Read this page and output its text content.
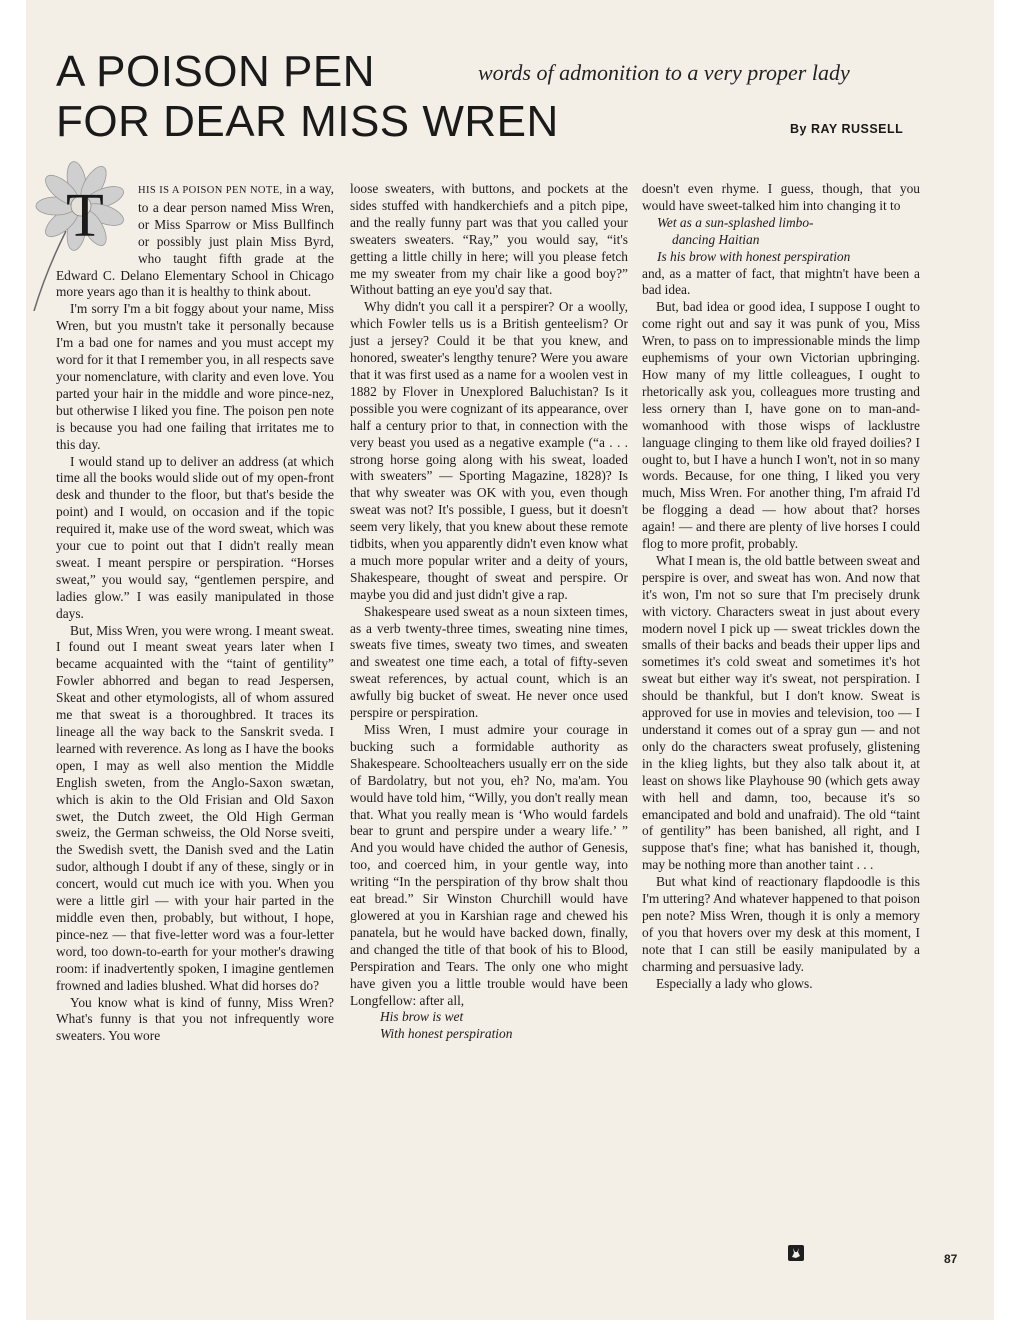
A POISON PEN
FOR DEAR MISS WREN
words of admonition to a very proper lady
By RAY RUSSELL
T	HIS IS A POISON PEN NOTE, in a way, to a dear person named Miss Wren, or Miss Sparrow or Miss Bullfinch or possibly just plain Miss Byrd, who taught fifth grade at the Edward C. Delano Elementary School in Chicago more years ago than it is healthy to think about.

I'm sorry I'm a bit foggy about your name, Miss Wren, but you mustn't take it personally because I'm a bad one for names and you must accept my word for it that I remember you, in all respects save your nomenclature, with clarity and even love. You parted your hair in the middle and wore pince-nez, but otherwise I liked you fine. The poison pen note is because you had one failing that irritates me to this day.

I would stand up to deliver an address (at which time all the books would slide out of my open-front desk and thunder to the floor, but that's beside the point) and I would, on occasion and if the topic required it, make use of the word sweat, which was your cue to point out that I didn't really mean sweat. I meant perspire or perspiration. “Horses sweat,” you would say, “gentlemen perspire, and ladies glow.” I was easily manipulated in those days.

But, Miss Wren, you were wrong. I meant sweat. I found out I meant sweat years later when I became acquainted with the “taint of gentility” Fowler abhorred and began to read Jespersen, Skeat and other etymologists, all of whom assured me that sweat is a thoroughbred. It traces its lineage all the way back to the Sanskrit sveda. I learned with reverence. As long as I have the books open, I may as well also mention the Middle English sweten, from the Anglo-Saxon swætan, which is akin to the Old Frisian and Old Saxon swet, the Dutch zweet, the Old High German sweiz, the German schweiss, the Old Norse sveiti, the Swedish svett, the Danish sved and the Latin sudor, although I doubt if any of these, singly or in concert, would cut much ice with you. When you were a little girl — with your hair parted in the middle even then, probably, but without, I hope, pince-nez — that five-letter word was a four-letter word, too down-to-earth for your mother's drawing room: if inadvertently spoken, I imagine gentlemen frowned and ladies blushed. What did horses do?

You know what is kind of funny, Miss Wren? What's funny is that you not infrequently wore sweaters. You wore

loose sweaters, with buttons, and pockets at the sides stuffed with handkerchiefs and a pitch pipe, and the really funny part was that you called your sweaters sweaters. “Ray,” you would say, “it's getting a little chilly in here; will you please fetch me my sweater from my chair like a good boy?” Without batting an eye you'd say that.

Why didn't you call it a perspirer? Or a woolly, which Fowler tells us is a British genteelism? Or just a jersey? Could it be that you knew, and honored, sweater's lengthy tenure? Were you aware that it was first used as a name for a woolen vest in 1882 by Flover in Unexplored Baluchistan? Is it possible you were cognizant of its appearance, over half a century prior to that, in connection with the very beast you used as a negative example (“a . . . strong horse going along with his sweat, loaded with sweaters” — Sporting Magazine, 1828)? Is that why sweater was OK with you, even though sweat was not? It's possible, I guess, but it doesn't seem very likely, that you knew about these remote tidbits, when you apparently didn't even know what a much more popular writer and a deity of yours, Shakespeare, thought of sweat and perspire. Or maybe you did and just didn't give a rap.

Shakespeare used sweat as a noun sixteen times, as a verb twenty-three times, sweating nine times, sweats five times, sweaty two times, and sweaten and sweatest one time each, a total of fifty-seven sweat references, by actual count, which is an awfully big bucket of sweat. He never once used perspire or perspiration.

Miss Wren, I must admire your courage in bucking such a formidable authority as Shakespeare. Schoolteachers usually err on the side of Bardolatry, but not you, eh? No, ma'am. You would have told him, “Willy, you don't really mean that. What you really mean is ‘Who would fardels bear to grunt and perspire under a weary life.’ ” And you would have chided the author of Genesis, too, and coerced him, in your gentle way, into writing “In the perspiration of thy brow shalt thou eat bread.” Sir Winston Churchill would have glowered at you in Karshian rage and chewed his panatela, but he would have backed down, finally, and changed the title of that book of his to Blood, Perspiration and Tears. The only one who might have given you a little trouble would have been Longfellow: after all,

His brow is wet

With honest perspiration

doesn't even rhyme. I guess, though, that you would have sweet-talked him into changing it to

Wet as a sun-splashed limbo-

dancing Haitian

Is his brow with honest perspiration

and, as a matter of fact, that mightn't have been a bad idea.

But, bad idea or good idea, I suppose I ought to come right out and say it was punk of you, Miss Wren, to pass on to impressionable minds the limp euphemisms of your own Victorian upbringing. How many of my little colleagues, I ought to rhetorically ask you, colleagues more trusting and less ornery than I, have gone on to man-and-womanhood with those wisps of lacklustre language clinging to them like old frayed doilies? I ought to, but I have a hunch I won't, not in so many words. Because, for one thing, I liked you very much, Miss Wren. For another thing, I'm afraid I'd be flogging a dead — how about that? horses again! — and there are plenty of live horses I could flog to more profit, probably.

What I mean is, the old battle between sweat and perspire is over, and sweat has won. And now that it's won, I'm not so sure that I'm precisely drunk with victory. Characters sweat in just about every modern novel I pick up — sweat trickles down the smalls of their backs and beads their upper lips and sometimes it's cold sweat and sometimes it's hot sweat but either way it's sweat, not perspiration. I should be thankful, but I don't know. Sweat is approved for use in movies and television, too — I understand it comes out of a spray gun — and not only do the characters sweat profusely, glistening in the klieg lights, but they also talk about it, at least on shows like Playhouse 90 (which gets away with hell and damn, too, because it's so emancipated and bold and unafraid). The old “taint of gentility” has been banished, all right, and I suppose that's fine; what has banished it, though, may be nothing more than another taint . . .

But what kind of reactionary flapdoodle is this I'm uttering? And whatever happened to that poison pen note? Miss Wren, though it is only a memory of you that hovers over my desk at this moment, I note that I can still be easily manipulated by a charming and persuasive lady.

Especially a lady who glows.

87
